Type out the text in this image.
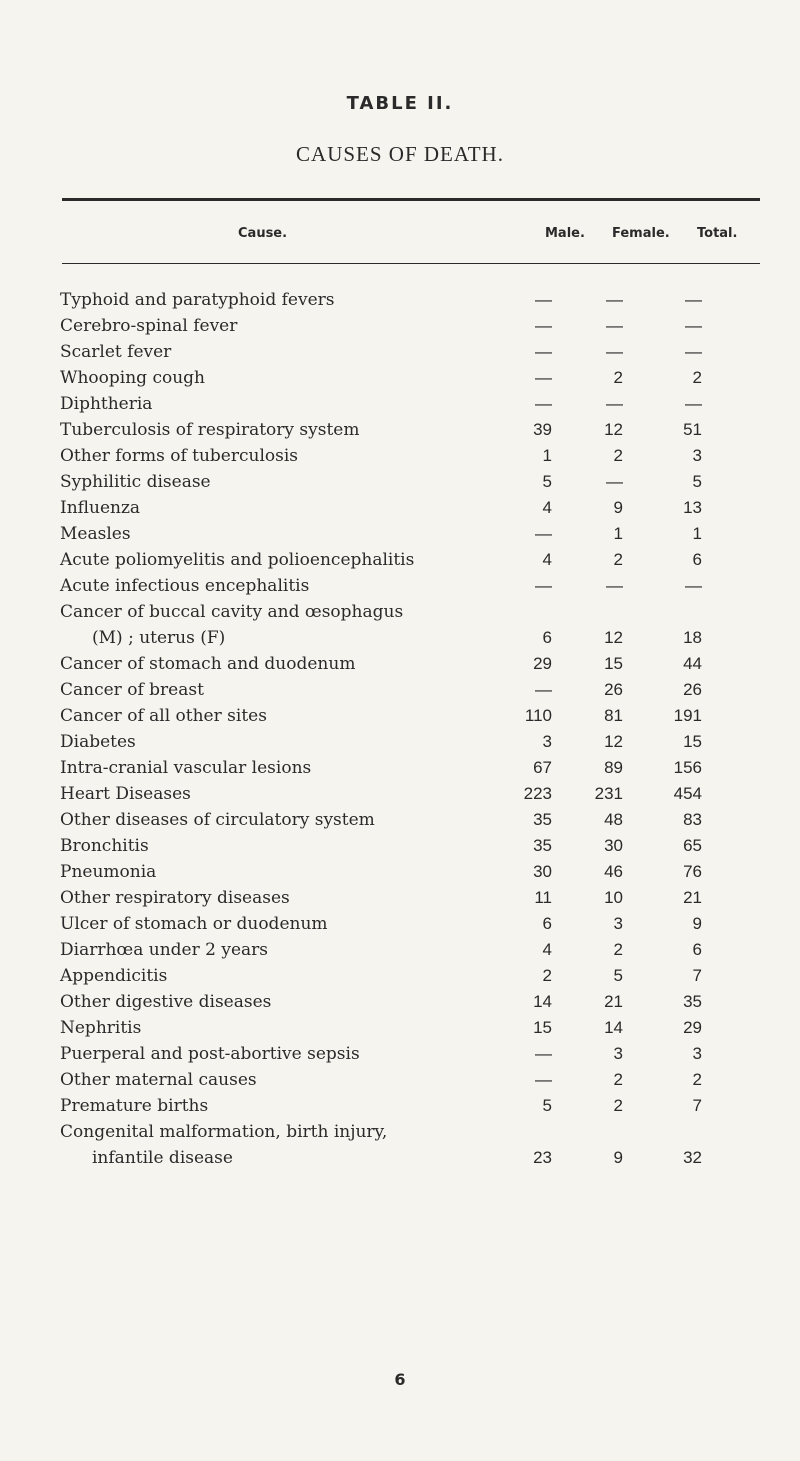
TABLE II.
CAUSES OF DEATH.
Cause.	Male. Female. Total.
Typhoid and paratyphoid fevers	—	—	—
Cerebro-spinal fever	—	—	—
Scarlet fever	—	—	—
Whooping cough	—	2	2
Diphtheria	—	—	—
Tuberculosis of respiratory system	39	12	51
Other forms of tuberculosis	1	2	3
Syphilitic disease	5	—	5
Influenza	4	9	13
Measles	—	1	1
Acute poliomyelitis and polioencephalitis	4	2	6
Acute infectious encephalitis	—	—	—
Cancer of buccal cavity and œsophagus
(M) ; uterus (F)	6	12	18
Cancer of stomach and duodenum	29	15	44
Cancer of breast	—	26	26
Cancer of all other sites	110	81	191
Diabetes	3	12	15
Intra-cranial vascular lesions	67	89	156
Heart Diseases	223	231	454
Other diseases of circulatory system	35	48	83
Bronchitis	35	30	65
Pneumonia	30	46	76
Other respiratory diseases	11	10	21
Ulcer of stomach or duodenum	6	3	9
Diarrhœa under 2 years	4	2	6
Appendicitis	2	5	7
Other digestive diseases	14	21	35
Nephritis	15	14	29
Puerperal and post-abortive sepsis	—	3	3
Other maternal causes	—	2	2
Premature births	5	2	7
Congenital malformation, birth injury,
infantile disease	23	9	32
6
